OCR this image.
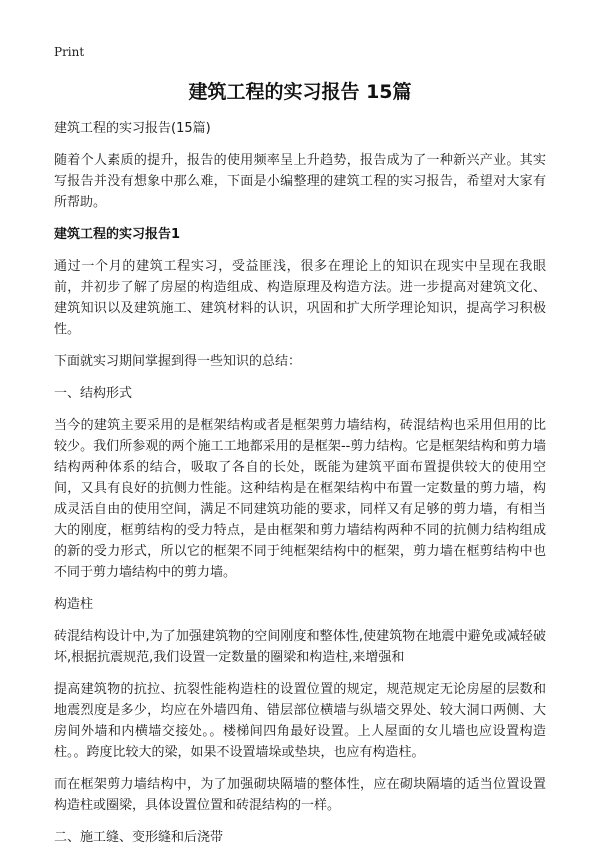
Print
建筑工程的实习报告 15篇

建筑工程的实习报告(15篇)

随着个人素质的提升，报告的使用频率呈上升趋势，报告成为了一种新兴产业。其实写报告并没有想象中那么难，下面是小编整理的建筑工程的实习报告，希望对大家有所帮助。

建筑工程的实习报告1

通过一个月的建筑工程实习，受益匪浅，很多在理论上的知识在现实中呈现在我眼前，并初步了解了房屋的构造组成、构造原理及构造方法。进一步提高对建筑文化、建筑知识以及建筑施工、建筑材料的认识，巩固和扩大所学理论知识，提高学习积极性。

下面就实习期间掌握到得一些知识的总结：

一、结构形式

当今的建筑主要采用的是框架结构或者是框架剪力墙结构，砖混结构也采用但用的比较少。我们所参观的两个施工工地都采用的是框架--剪力结构。它是框架结构和剪力墙结构两种体系的结合，吸取了各自的长处，既能为建筑平面布置提供较大的使用空间，又具有良好的抗侧力性能。这种结构是在框架结构中布置一定数量的剪力墙，构成灵活自由的使用空间，满足不同建筑功能的要求，同样又有足够的剪力墙，有相当大的刚度，框剪结构的受力特点，是由框架和剪力墙结构两种不同的抗侧力结构组成的新的受力形式，所以它的框架不同于纯框架结构中的框架，剪力墙在框剪结构中也不同于剪力墙结构中的剪力墙。

构造柱

砖混结构设计中,为了加强建筑物的空间刚度和整体性,使建筑物在地震中避免或减轻破坏,根据抗震规范,我们设置一定数量的圈梁和构造柱,来增强和

提高建筑物的抗拉、抗裂性能构造柱的设置位置的规定，规范规定无论房屋的层数和地震烈度是多少，均应在外墙四角、错层部位横墙与纵墙交界处、较大洞口两侧、大房间外墙和内横墙交接处。。楼梯间四角最好设置。上人屋面的女儿墙也应设置构造柱。。跨度比较大的梁，如果不设置墙垛或垫块，也应有构造柱。

而在框架剪力墙结构中，为了加强砌块隔墙的整体性，应在砌块隔墙的适当位置设置构造柱或圈梁，具体设置位置和砖混结构的一样。

二、施工缝、变形缝和后浇带
